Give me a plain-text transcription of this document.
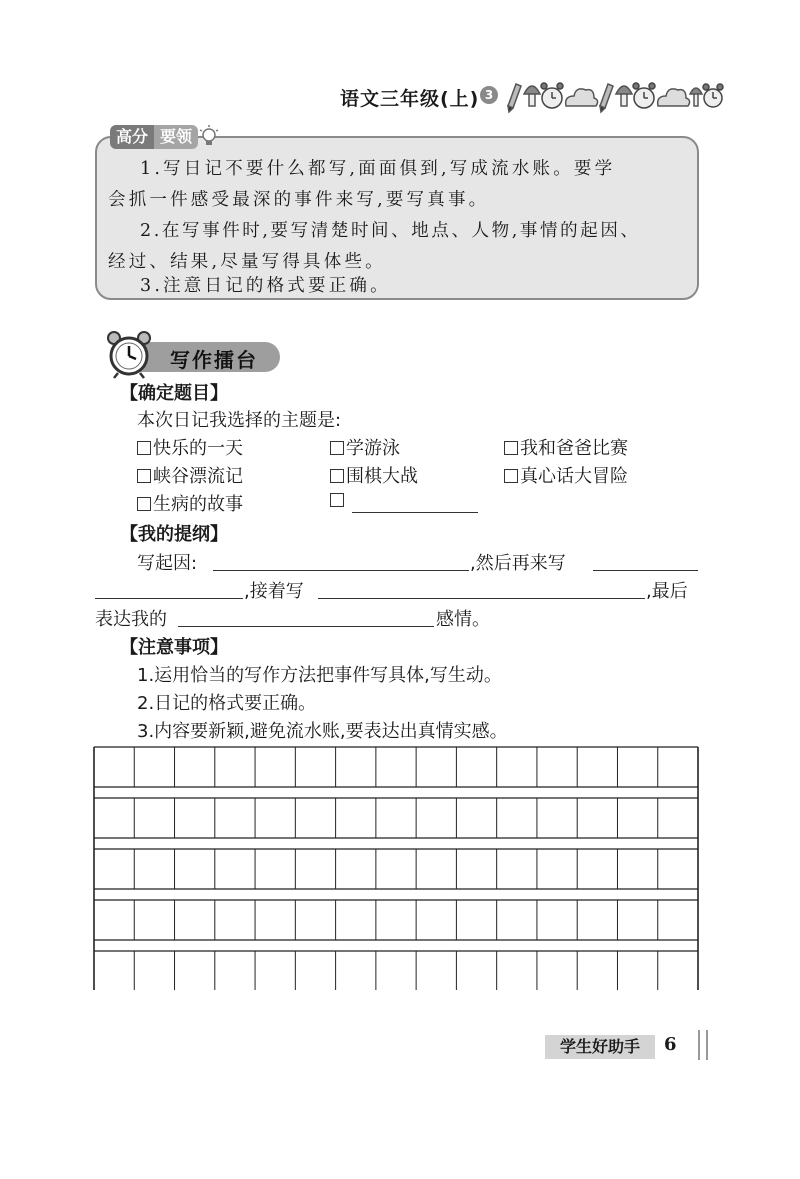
语文三年级(上) 3
高分 要领
1.写日记不要什么都写,面面俱到,写成流水账。要学
会抓一件感受最深的事件来写,要写真事。
2.在写事件时,要写清楚时间、地点、人物,事情的起因、
经过、结果,尽量写得具体些。
3.注意日记的格式要正确。
写作擂台
【确定题目】
本次日记我选择的主题是:
快乐的一天	学游泳	我和爸爸比赛
峡谷漂流记	围棋大战	真心话大冒险
生病的故事
【我的提纲】
写起因:	,然后再来写
,接着写	,最后
表达我的	感情。
【注意事项】
1.运用恰当的写作方法把事件写具体,写生动。
2.日记的格式要正确。
3.内容要新颖,避免流水账,要表达出真情实感。
学生好助手	6
